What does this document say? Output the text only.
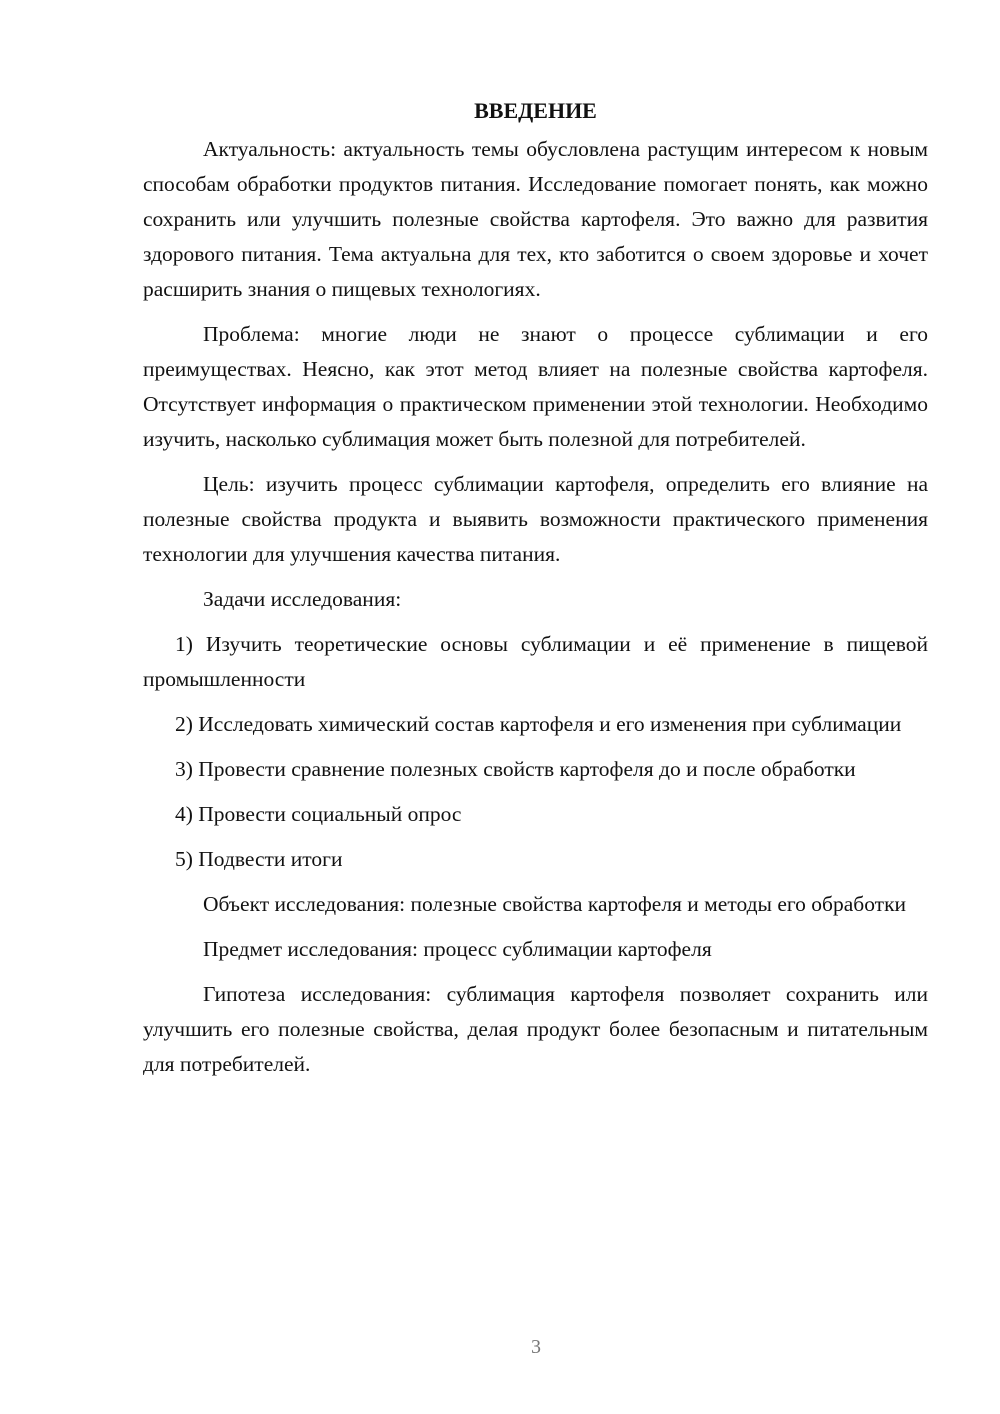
ВВЕДЕНИЕ

Актуальность: актуальность темы обусловлена растущим интересом к новым способам обработки продуктов питания. Исследование помогает понять, как можно сохранить или улучшить полезные свойства картофеля. Это важно для развития здорового питания. Тема актуальна для тех, кто заботится о своем здоровье и хочет расширить знания о пищевых технологиях.

Проблема: многие люди не знают о процессе сублимации и его преимуществах. Неясно, как этот метод влияет на полезные свойства картофеля. Отсутствует информация о практическом применении этой технологии. Необходимо изучить, насколько сублимация может быть полезной для потребителей.

Цель: изучить процесс сублимации картофеля, определить его влияние на полезные свойства продукта и выявить возможности практического применения технологии для улучшения качества питания.

Задачи исследования:

1) Изучить теоретические основы сублимации и её применение в пищевой промышленности

2) Исследовать химический состав картофеля и его изменения при сублимации

3) Провести сравнение полезных свойств картофеля до и после обработки

4) Провести социальный опрос

5) Подвести итоги

Объект исследования: полезные свойства картофеля и методы его обработки

Предмет исследования: процесс сублимации картофеля

Гипотеза исследования: сублимация картофеля позволяет сохранить или улучшить его полезные свойства, делая продукт более безопасным и питательным для потребителей.

3
